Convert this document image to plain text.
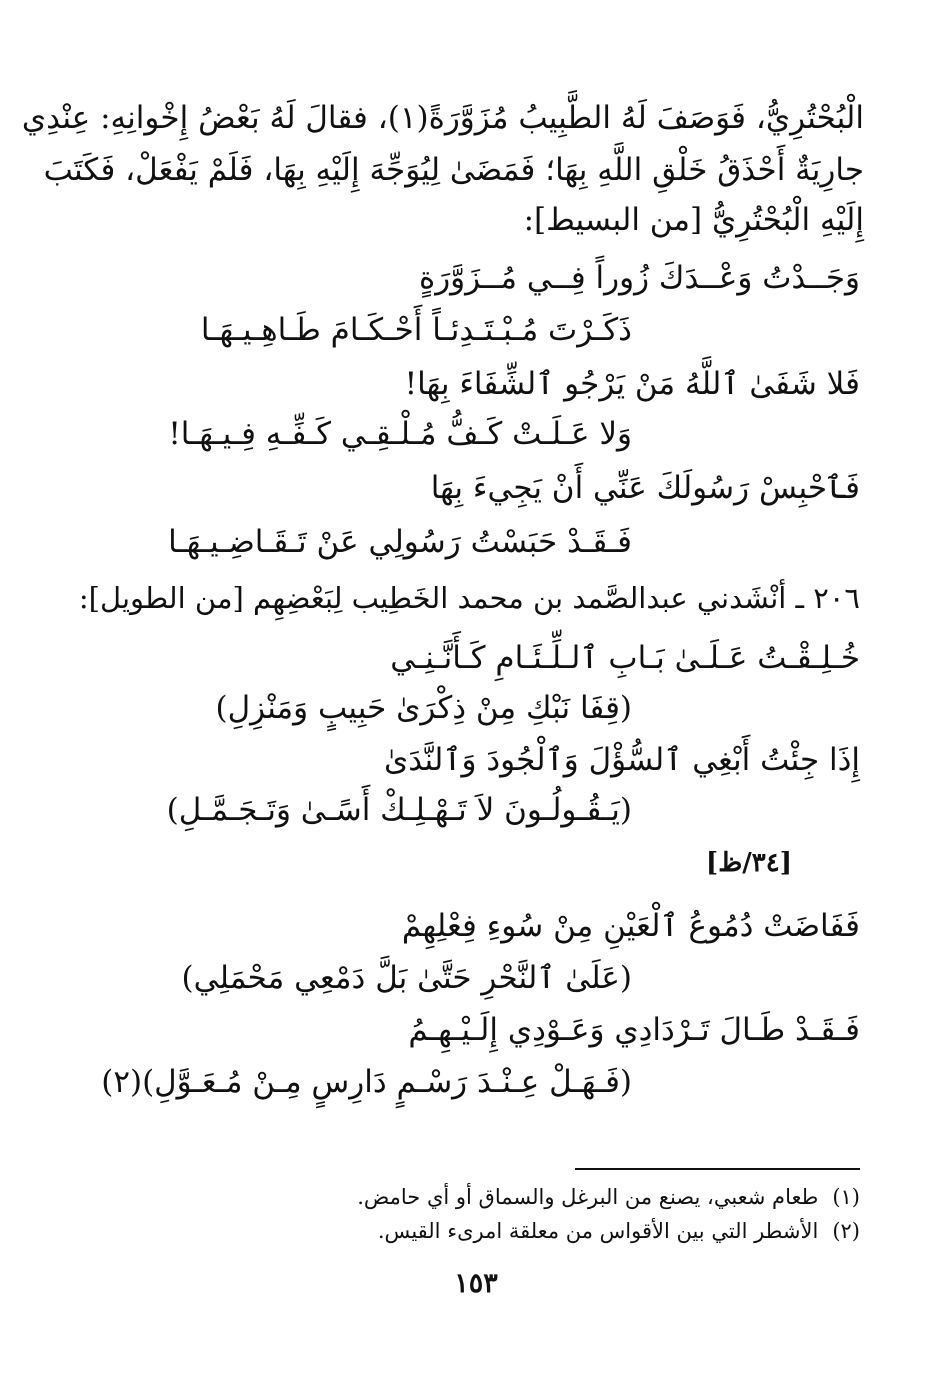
الْبُحْتُرِيُّ، فَوَصَفَ لَهُ الطَّبِيبُ مُزَوَّرَةً(١)، فقالَ لَهُ بَعْضُ إِخْوانِهِ: عِنْدِي
جارِيَةٌ أَحْذَقُ خَلْقِ اللَّهِ بِهَا؛ فَمَضَىٰ لِيُوَجِّهَ إِلَيْهِ بِهَا، فَلَمْ يَفْعَلْ، فَكَتَبَ
إِلَيْهِ الْبُحْتُرِيُّ [من البسيط]:
وَجَــدْتُ وَعْــدَكَ زُوراً فِــي مُــزَوَّرَةٍ
ذَكَـرْتَ مُـبْـتَـدِئـاً أَحْـكَـامَ طَـاهِـيـهَـا
فَلا شَفَىٰ ٱللَّهُ مَنْ يَرْجُو ٱلشِّفَاءَ بِهَا!
وَلا عَـلَـتْ كَـفُّ مُـلْـقِـي كَـفِّـهِ فِـيـهَـا!
فَٱحْبِسْ رَسُولَكَ عَنِّي أَنْ يَجِيءَ بِهَا
فَـقَـدْ حَبَسْتُ رَسُولِي عَنْ تَـقَـاضِـيـهَـا
٢٠٦ ـ أنْشَدني عبدالصَّمد بن محمد الخَطِيب لِبَعْضِهِم [من الطويل]:
خُـلِـقْـتُ عَـلَـىٰ بَـابِ ٱلـلِّـئَـامِ كَـأَنَّـنِـي
(قِفَا نَبْكِ مِنْ ذِكْرَىٰ حَبِيبٍ وَمَنْزِلِ)
إِذَا جِئْتُ أَبْغِي ٱلسُّؤْلَ وَٱلْجُودَ وَٱلنَّدَىٰ
(يَـقُـولُـونَ لاَ تَـهْـلِـكْ أَسًـىٰ وَتَـجَـمَّـلِ)
[٣٤/ظ]
فَفَاضَتْ دُمُوعُ ٱلْعَيْنِ مِنْ سُوءِ فِعْلِهِمْ
(عَلَىٰ ٱلنَّحْرِ حَتَّىٰ بَلَّ دَمْعِي مَحْمَلِي)
فَـقَـدْ طَـالَ تَـرْدَادِي وَعَـوْدِي إِلَـيْـهِـمُ
(فَـهَـلْ عِـنْـدَ رَسْـمٍ دَارِسٍ مِـنْ مُـعَـوَّلِ)(٢)
(١)طعام شعبي، يصنع من البرغل والسماق أو أي حامض.
(٢)الأشطر التي بين الأقواس من معلقة امرىء القيس.
١٥٣
